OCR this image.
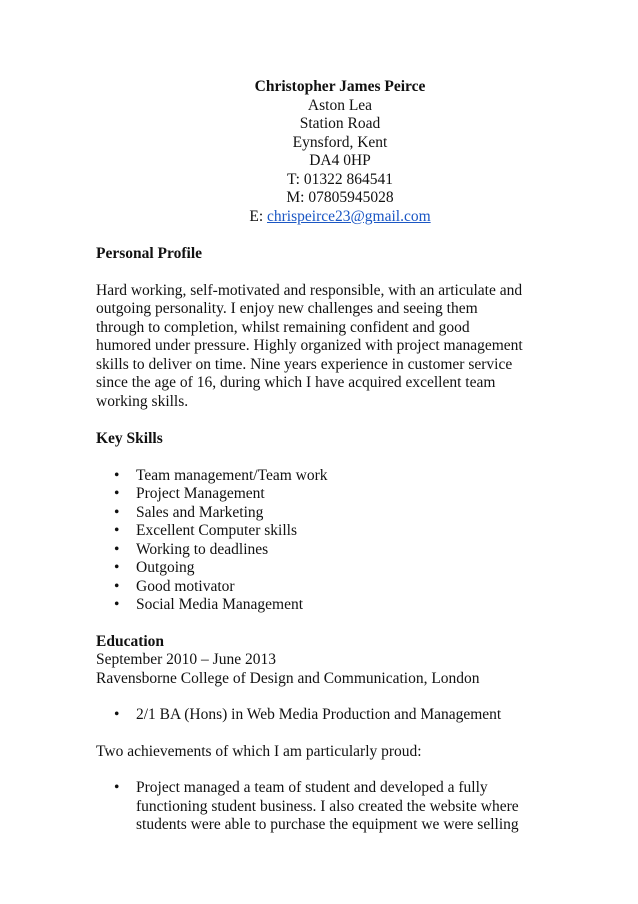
Christopher James Peirce
Aston Lea
Station Road
Eynsford, Kent
DA4 0HP
T: 01322 864541
M: 07805945028
E: chrispeirce23@gmail.com
Personal Profile
Hard working, self-motivated and responsible, with an articulate and
outgoing personality. I enjoy new challenges and seeing them
through to completion, whilst remaining confident and good
humored under pressure. Highly organized with project management
skills to deliver on time. Nine years experience in customer service
since the age of 16, during which I have acquired excellent team
working skills.
Key Skills
• Team management/Team work
• Project Management
• Sales and Marketing
• Excellent Computer skills
• Working to deadlines
• Outgoing
• Good motivator
• Social Media Management
Education
September 2010 – June 2013
Ravensborne College of Design and Communication, London
• 2/1 BA (Hons) in Web Media Production and Management
Two achievements of which I am particularly proud:
• Project managed a team of student and developed a fully
functioning student business. I also created the website where
students were able to purchase the equipment we were selling
